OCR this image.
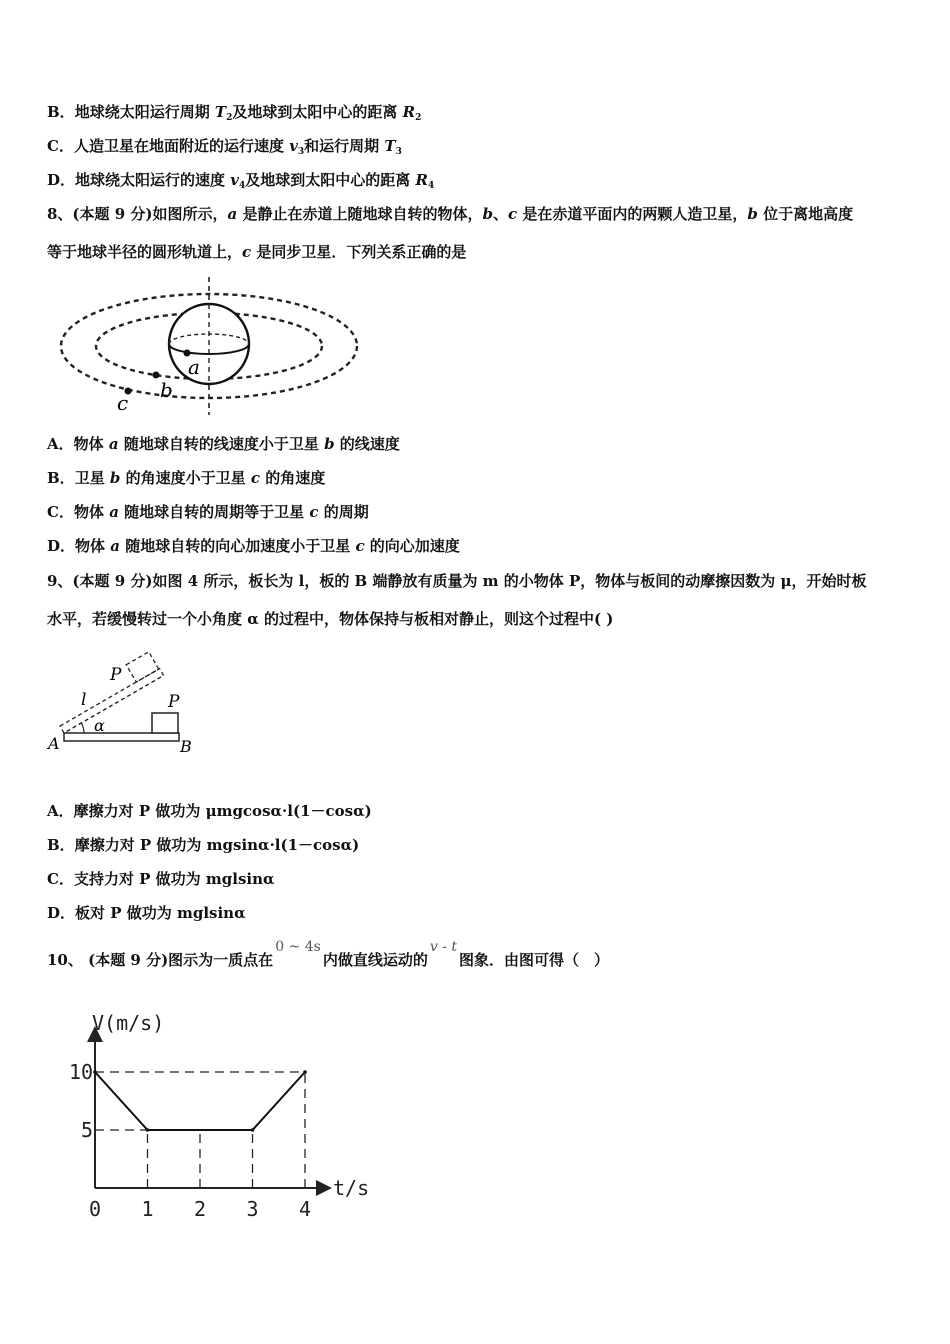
B．地球绕太阳运行周期 $T_2$及地球到太阳中心的距离 $R_2$
C．人造卫星在地面附近的运行速度 $v_3$和运行周期 $T_3$
D．地球绕太阳运行的速度 $v_4$及地球到太阳中心的距离 $R_4$
8、(本题 9 分)如图所示，a 是静止在赤道上随地球自转的物体，b、c 是在赤道平面内的两颗人造卫星，b 位于离地高度
等于地球半径的圆形轨道上，c 是同步卫星．下列关系正确的是
a
b
c
A．物体 a 随地球自转的线速度小于卫星 b 的线速度
B．卫星 b 的角速度小于卫星 c 的角速度
C．物体 a 随地球自转的周期等于卫星 c 的周期
D．物体 a 随地球自转的向心加速度小于卫星 c 的向心加速度
9、(本题 9 分)如图 4 所示，板长为 l，板的 B 端静放有质量为 m 的小物体 P，物体与板间的动摩擦因数为 μ，开始时板
水平，若缓慢转过一个小角度 α 的过程中，物体保持与板相对静止，则这个过程中( )
P
l
α
P
A	B
A．摩擦力对 P 做功为 μmgcosα·l(1－cosα)
B．摩擦力对 P 做功为 mgsinα·l(1－cosα)
C．支持力对 P 做功为 mglsinα
D．板对 P 做功为 mglsinα
10、 (本题 9 分)图示为一质点在0 ~ 4s内做直线运动的v - t图象．由图可得（　）
V(m/s)
t/s
0 1 2 3 4
5
10
